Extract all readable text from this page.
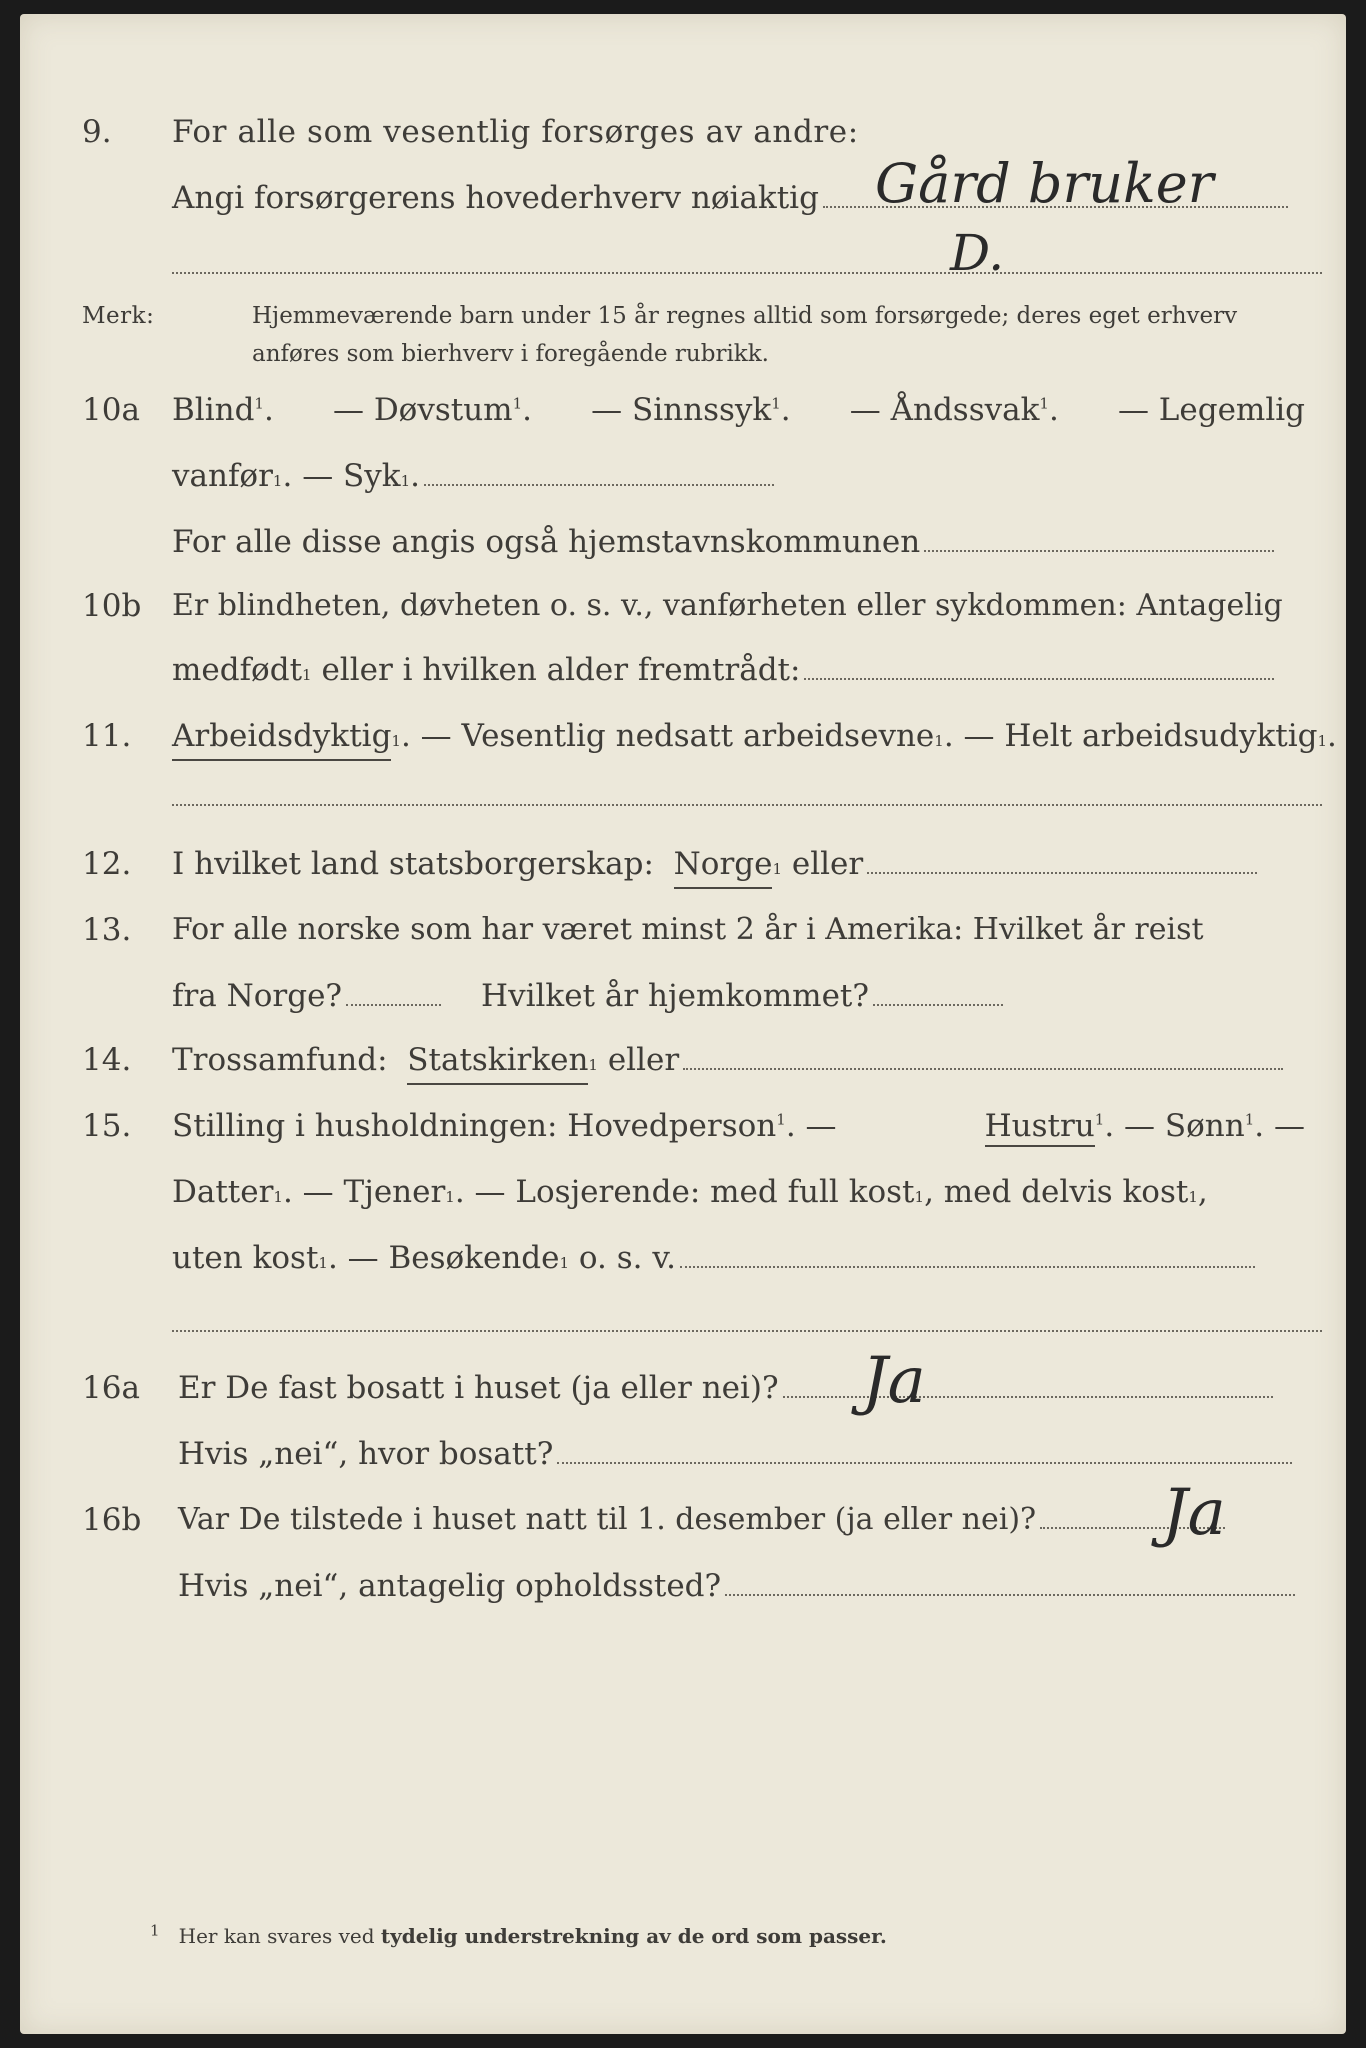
9.	For alle som vesentlig forsørges av andre:
Angi forsørgerens hovederhverv nøiaktig Gård bruker
D.
Merk:	Hjemmeværende barn under 15 år regnes alltid som forsørgede; deres eget erhverv
anføres som bierhverv i foregående rubrikk.
10a	Blind$^1$. — Døvstum$^1$. — Sinnssyk$^1$. — Åndssvak$^1$. — Legemlig
vanfør 1 . — Syk 1 .
For alle disse angis også hjemstavnskommunen
10b	Er blindheten, døvheten o. s. v., vanførheten eller sykdommen: Antagelig
medfødt 1
eller i hvilken alder fremtrådt:
11.	Arbeidsdyktig 1 . — Vesentlig nedsatt arbeidsevne 1 . — Helt arbeidsudyktig 1 .
12.	I hvilket land statsborgerskap:
Norge 1
eller
13.	For alle norske som har været minst 2 år i Amerika: Hvilket år reist
fra Norge?	Hvilket år hjemkommet?
14.	Trossamfund:
Statskirken 1
eller
15.	Stilling i husholdningen: Hovedperson$^1$. —	Hustru$^1$. — Sønn$^1$. —
Datter 1 . — Tjener 1 . — Losjerende: med full kost 1 , med delvis kost 1 ,
uten kost 1 . — Besøkende 1
o. s. v.
16a	Er De fast bosatt i huset (ja eller nei)? Ja
Hvis „nei“, hvor bosatt?
16b	Var De tilstede i huset natt til 1. desember (ja eller nei)? Ja
Hvis „nei“, antagelig opholdssted?
$^1$ Her kan svares ved tydelig understrekning av de ord som passer.
